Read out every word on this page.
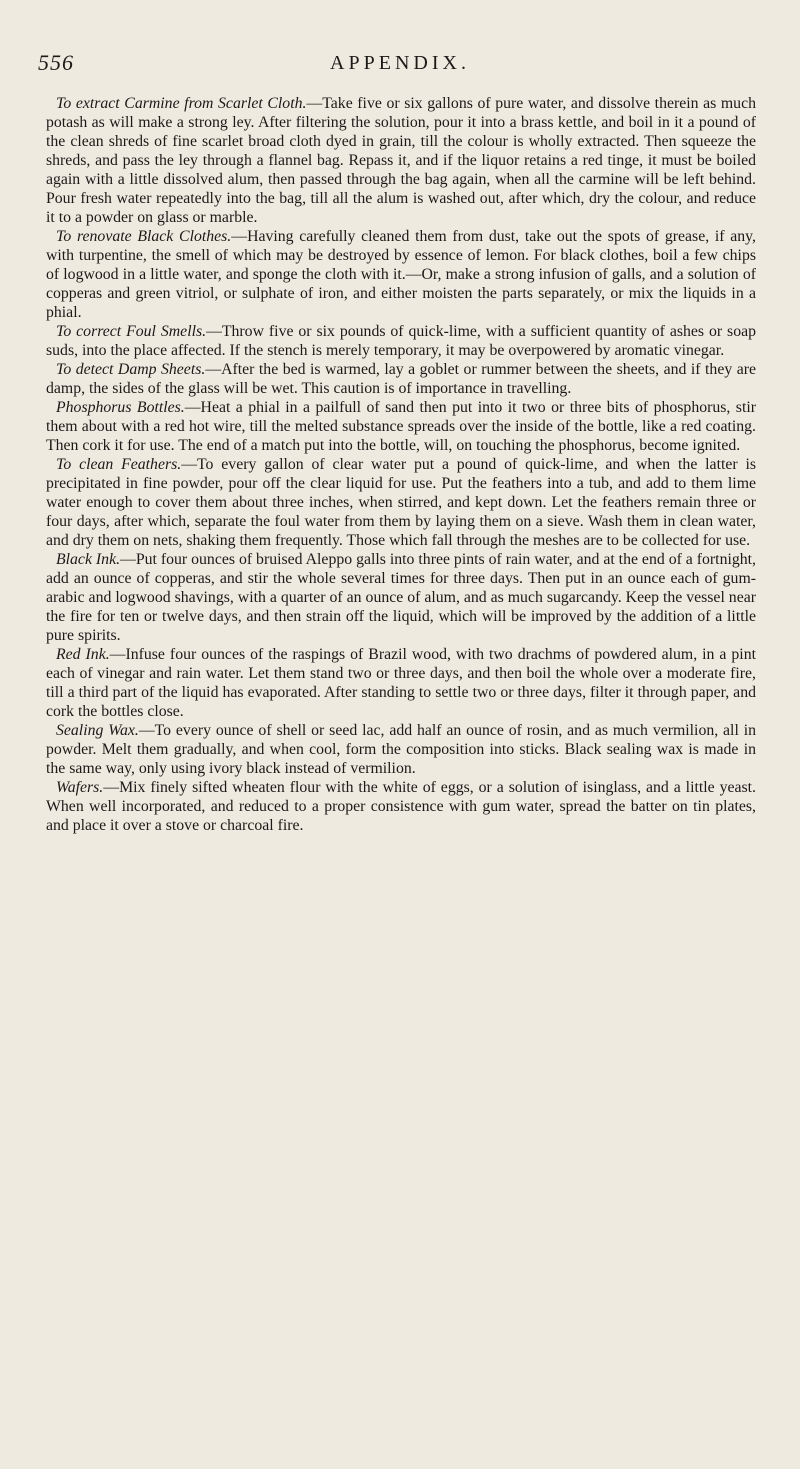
556	APPENDIX.

To extract Carmine from Scarlet Cloth.—Take five or six gallons of pure water, and dissolve therein as much potash as will make a strong ley. After filtering the solution, pour it into a brass kettle, and boil in it a pound of the clean shreds of fine scarlet broad cloth dyed in grain, till the colour is wholly extracted. Then squeeze the shreds, and pass the ley through a flannel bag. Repass it, and if the liquor retains a red tinge, it must be boiled again with a little dissolved alum, then passed through the bag again, when all the carmine will be left behind. Pour fresh water repeatedly into the bag, till all the alum is washed out, after which, dry the colour, and reduce it to a powder on glass or marble.

To renovate Black Clothes.—Having carefully cleaned them from dust, take out the spots of grease, if any, with turpentine, the smell of which may be destroyed by essence of lemon. For black clothes, boil a few chips of logwood in a little water, and sponge the cloth with it.—Or, make a strong infusion of galls, and a solution of copperas and green vitriol, or sulphate of iron, and either moisten the parts separately, or mix the liquids in a phial.

To correct Foul Smells.—Throw five or six pounds of quick-lime, with a sufficient quantity of ashes or soap suds, into the place affected. If the stench is merely temporary, it may be overpowered by aromatic vinegar.

To detect Damp Sheets.—After the bed is warmed, lay a goblet or rummer between the sheets, and if they are damp, the sides of the glass will be wet. This caution is of importance in travelling.

Phosphorus Bottles.—Heat a phial in a pailfull of sand then put into it two or three bits of phosphorus, stir them about with a red hot wire, till the melted substance spreads over the inside of the bottle, like a red coating. Then cork it for use. The end of a match put into the bottle, will, on touching the phosphorus, become ignited.

To clean Feathers.—To every gallon of clear water put a pound of quick-lime, and when the latter is precipitated in fine powder, pour off the clear liquid for use. Put the feathers into a tub, and add to them lime water enough to cover them about three inches, when stirred, and kept down. Let the feathers remain three or four days, after which, separate the foul water from them by laying them on a sieve. Wash them in clean water, and dry them on nets, shaking them frequently. Those which fall through the meshes are to be collected for use.

Black Ink.—Put four ounces of bruised Aleppo galls into three pints of rain water, and at the end of a fortnight, add an ounce of copperas, and stir the whole several times for three days. Then put in an ounce each of gum-arabic and logwood shavings, with a quarter of an ounce of alum, and as much sugarcandy. Keep the vessel near the fire for ten or twelve days, and then strain off the liquid, which will be improved by the addition of a little pure spirits.

Red Ink.—Infuse four ounces of the raspings of Brazil wood, with two drachms of powdered alum, in a pint each of vinegar and rain water. Let them stand two or three days, and then boil the whole over a moderate fire, till a third part of the liquid has evaporated. After standing to settle two or three days, filter it through paper, and cork the bottles close.

Sealing Wax.—To every ounce of shell or seed lac, add half an ounce of rosin, and as much vermilion, all in powder. Melt them gradually, and when cool, form the composition into sticks. Black sealing wax is made in the same way, only using ivory black instead of vermilion.

Wafers.—Mix finely sifted wheaten flour with the white of eggs, or a solution of isinglass, and a little yeast. When well incorporated, and reduced to a proper consistence with gum water, spread the batter on tin plates, and place it over a stove or charcoal fire.
